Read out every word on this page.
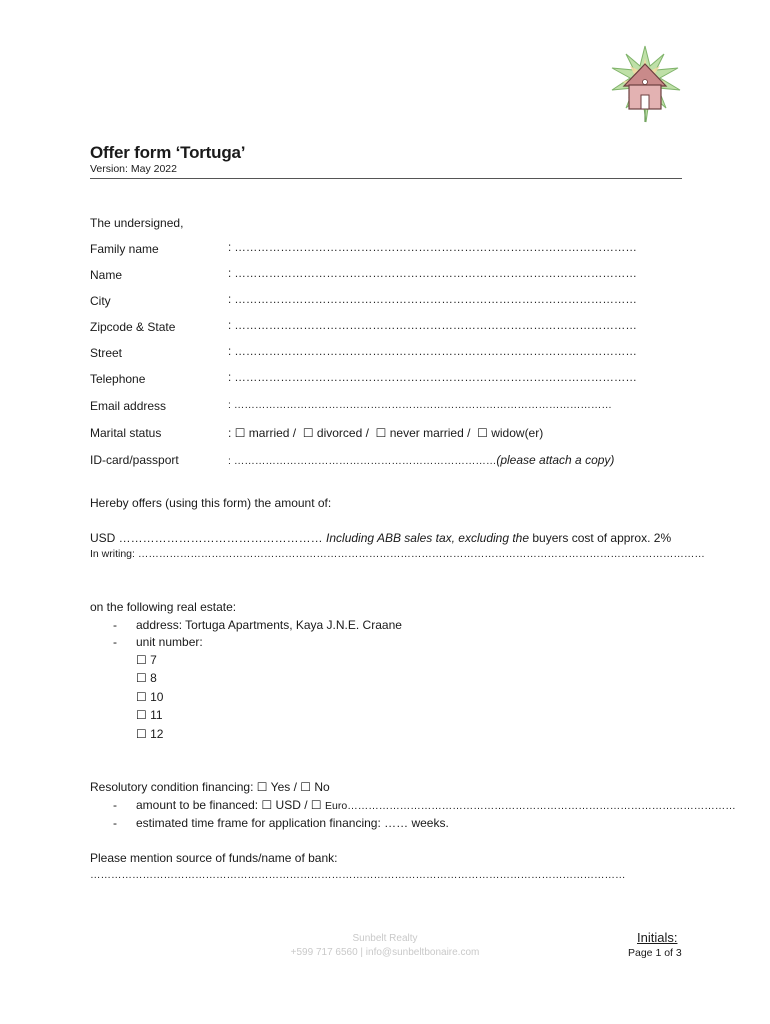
Offer form ‘Tortuga’
Version: May 2022
The undersigned,
Family name	: ……………………………………………………………………………………………
Name	: ……………………………………………………………………………………………
City	: ……………………………………………………………………………………………
Zipcode & State	: ……………………………………………………………………………………………
Street	: ……………………………………………………………………………………………
Telephone	: ……………………………………………………………………………………………
Email address	: ………………………………………………………………………………………………
Marital status	: ☐ married / ☐ divorced / ☐ never married / ☐ widow(er)
ID-card/passport	: …………………………………………………………………(please attach a copy)
Hereby offers (using this form) the amount of:
USD …………………………………………… Including ABB sales tax, excluding the buyers cost of approx. 2%
In writing: ………………………………………………………………………………………………………………………………………………
on the following real estate:
- address: Tortuga Apartments, Kaya J.N.E. Craane
- unit number:
☐ 7
☐ 8
☐ 10
☐ 11
☐ 12
Resolutory condition financing: ☐ Yes / ☐ No
- amount to be financed: ☐ USD / ☐ Euro…………………………………………………………………………………………………
- estimated time frame for application financing: …… weeks.
Please mention source of funds/name of bank:
………………………………………………………………………………………………………………………………………
Sunbelt Realty
+599 717 6560 | info@sunbeltbonaire.com
Initials:
Page 1 of 3
